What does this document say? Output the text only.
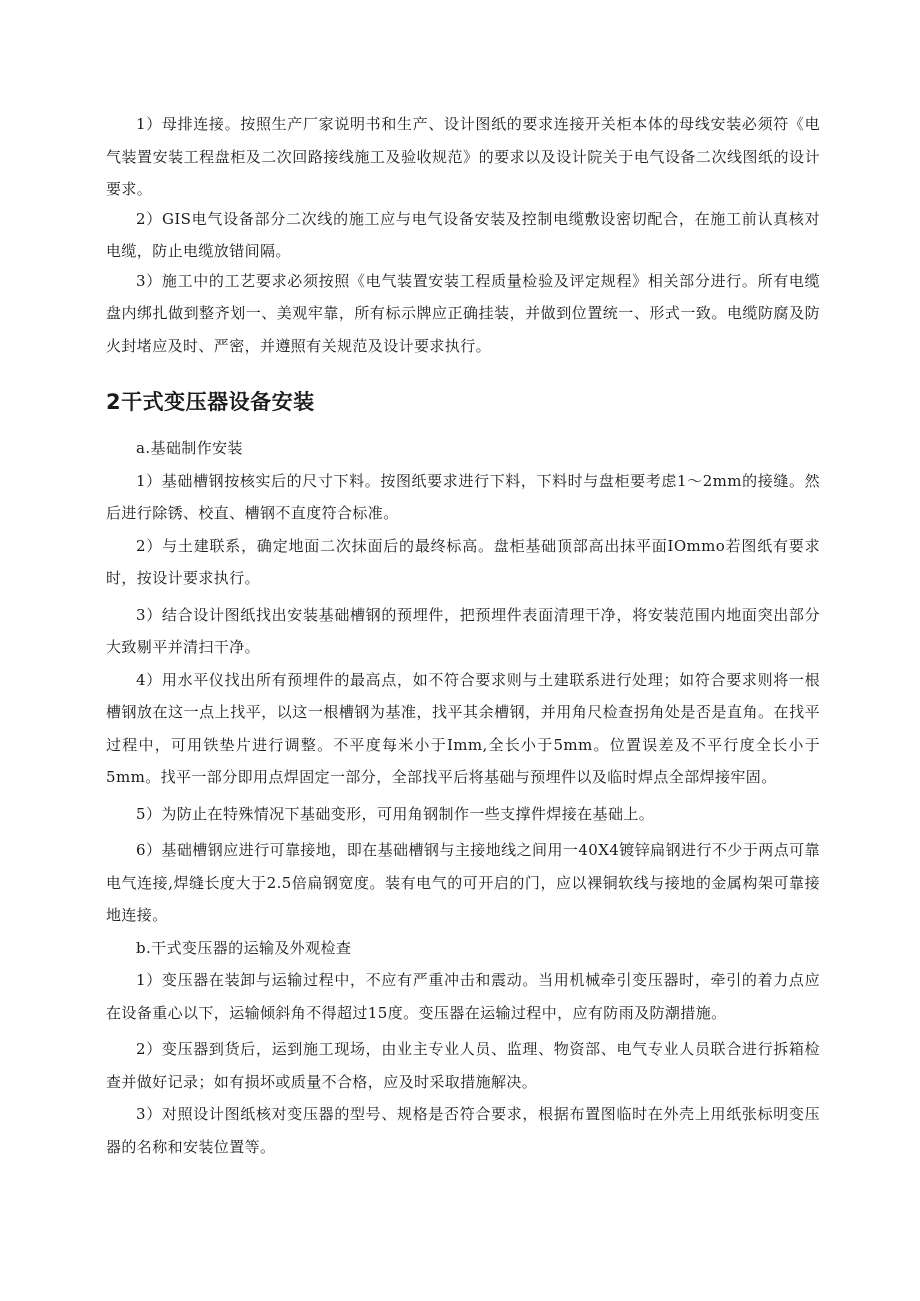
1）母排连接。按照生产厂家说明书和生产、设计图纸的要求连接开关柜本体的母线安装必须符《电气装置安装工程盘柜及二次回路接线施工及验收规范》的要求以及设计院关于电气设备二次线图纸的设计要求。

2）GIS电气设备部分二次线的施工应与电气设备安装及控制电缆敷设密切配合，在施工前认真核对电缆，防止电缆放错间隔。

3）施工中的工艺要求必须按照《电气装置安装工程质量检验及评定规程》相关部分进行。所有电缆盘内绑扎做到整齐划一、美观牢靠，所有标示牌应正确挂装，并做到位置统一、形式一致。电缆防腐及防火封堵应及时、严密，并遵照有关规范及设计要求执行。

2干式变压器设备安装

a.基础制作安装

1）基础槽钢按核实后的尺寸下料。按图纸要求进行下料，下料时与盘柜要考虑1～2mm的接缝。然后进行除锈、校直、槽钢不直度符合标准。

2）与土建联系，确定地面二次抹面后的最终标高。盘柜基础顶部高出抹平面IOmmo若图纸有要求时，按设计要求执行。

3）结合设计图纸找出安装基础槽钢的预埋件，把预埋件表面清理干净，将安装范围内地面突出部分大致剔平并清扫干净。

4）用水平仪找出所有预埋件的最高点，如不符合要求则与土建联系进行处理；如符合要求则将一根槽钢放在这一点上找平，以这一根槽钢为基准，找平其余槽钢，并用角尺检查拐角处是否是直角。在找平过程中，可用铁垫片进行调整。不平度每米小于Imm,全长小于5mm。位置误差及不平行度全长小于5mm。找平一部分即用点焊固定一部分，全部找平后将基础与预埋件以及临时焊点全部焊接牢固。

5）为防止在特殊情况下基础变形，可用角钢制作一些支撑件焊接在基础上。

6）基础槽钢应进行可靠接地，即在基础槽钢与主接地线之间用一40X4镀锌扁钢进行不少于两点可靠电气连接,焊缝长度大于2.5倍扁钢宽度。装有电气的可开启的门，应以裸铜软线与接地的金属构架可靠接地连接。

b.干式变压器的运输及外观检查

1）变压器在装卸与运输过程中，不应有严重冲击和震动。当用机械牵引变压器时，牵引的着力点应在设备重心以下，运输倾斜角不得超过15度。变压器在运输过程中，应有防雨及防潮措施。

2）变压器到货后，运到施工现场，由业主专业人员、监理、物资部、电气专业人员联合进行拆箱检查并做好记录；如有损坏或质量不合格，应及时采取措施解决。

3）对照设计图纸核对变压器的型号、规格是否符合要求，根据布置图临时在外壳上用纸张标明变压器的名称和安装位置等。
